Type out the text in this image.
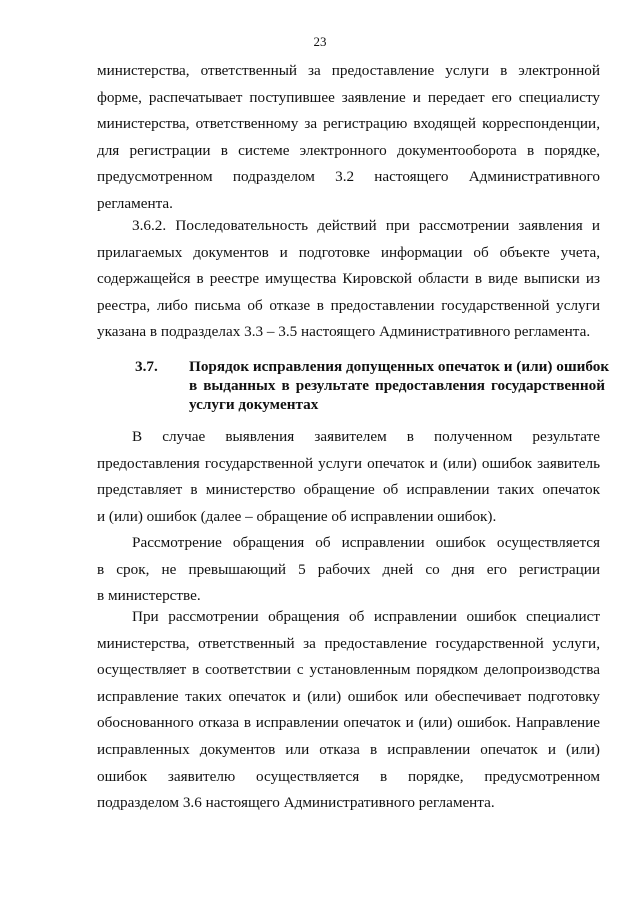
23
министерства, ответственный за предоставление услуги в электронной
форме, распечатывает поступившее заявление и передает его специалисту
министерства, ответственному за регистрацию входящей корреспонденции,
для регистрации в системе электронного документооборота в порядке,
предусмотренном подразделом 3.2 настоящего Административного
регламента.
3.6.2. Последовательность действий при рассмотрении заявления и
прилагаемых документов и подготовке информации об объекте учета,
содержащейся в реестре имущества Кировской области в виде выписки из
реестра, либо письма об отказе в предоставлении государственной услуги
указана в подразделах 3.3 – 3.5 настоящего Административного регламента.
3.7. Порядок исправления допущенных опечаток и (или) ошибок
в выданных в результате предоставления государственной
услуги документах
В случае выявления заявителем в полученном результате
предоставления государственной услуги опечаток и (или) ошибок заявитель
представляет в министерство обращение об исправлении таких опечаток
и (или) ошибок (далее – обращение об исправлении ошибок).
Рассмотрение обращения об исправлении ошибок осуществляется
в срок, не превышающий 5 рабочих дней со дня его регистрации
в министерстве.
При рассмотрении обращения об исправлении ошибок специалист
министерства, ответственный за предоставление государственной услуги,
осуществляет в соответствии с установленным порядком делопроизводства
исправление таких опечаток и (или) ошибок или обеспечивает подготовку
обоснованного отказа в исправлении опечаток и (или) ошибок. Направление
исправленных документов или отказа в исправлении опечаток и (или)
ошибок заявителю осуществляется в порядке, предусмотренном
подразделом 3.6 настоящего Административного регламента.
